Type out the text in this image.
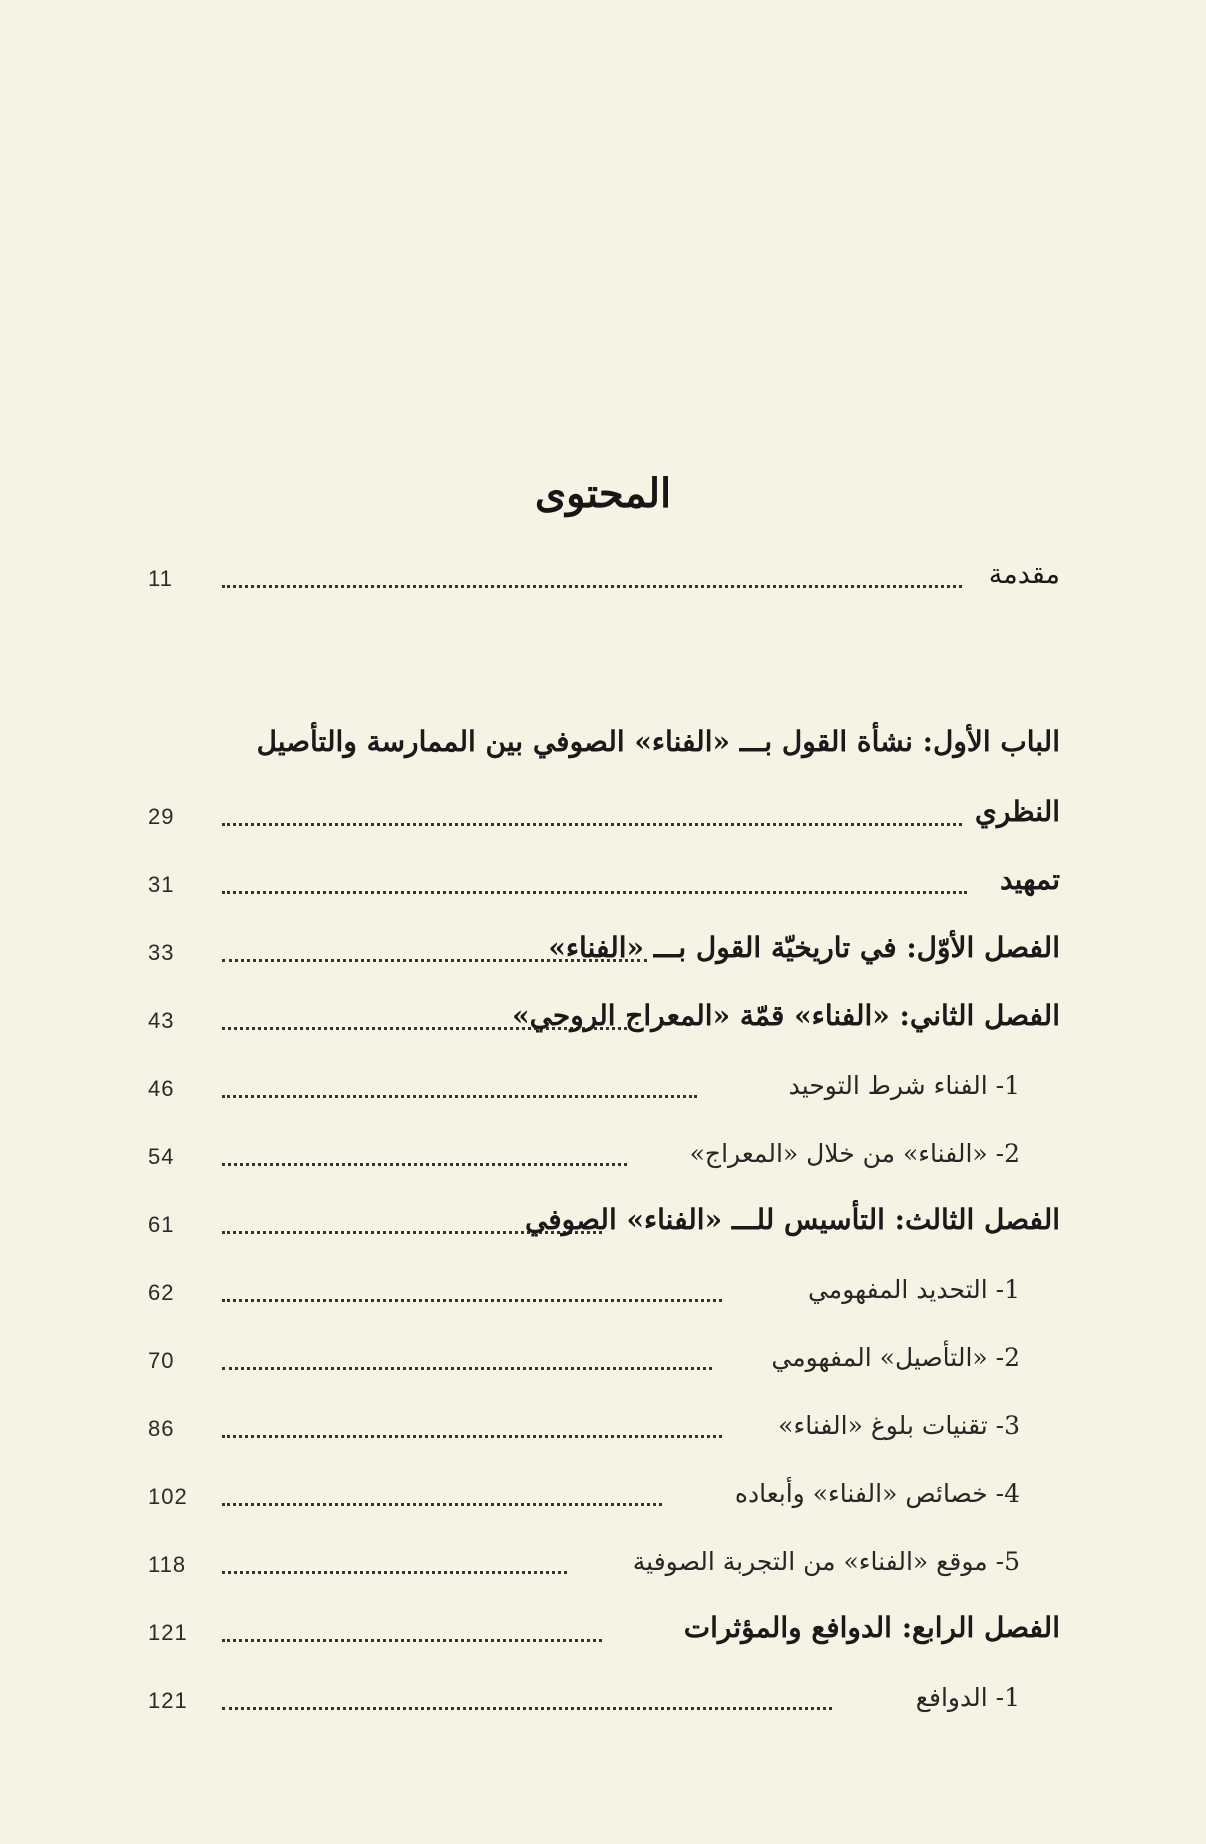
المحتوى
11	مقدمة
الباب الأول: نشأة القول بـــ «الفناء» الصوفي بين الممارسة والتأصيل
29	النظري
31	تمهيد
33	الفصل الأوّل: في تاريخيّة القول بـــ «الفناء»
43	الفصل الثاني: «الفناء» قمّة «المعراج الروحي»
46	1- الفناء شرط التوحيد
54	2- «الفناء» من خلال «المعراج»
61	الفصل الثالث: التأسيس للـــ «الفناء» الصوفي
62	1- التحديد المفهومي
70	2- «التأصيل» المفهومي
86	3- تقنيات بلوغ «الفناء»
102	4- خصائص «الفناء» وأبعاده
118	5- موقع «الفناء» من التجربة الصوفية
121	الفصل الرابع: الدوافع والمؤثرات
121	1- الدوافع
